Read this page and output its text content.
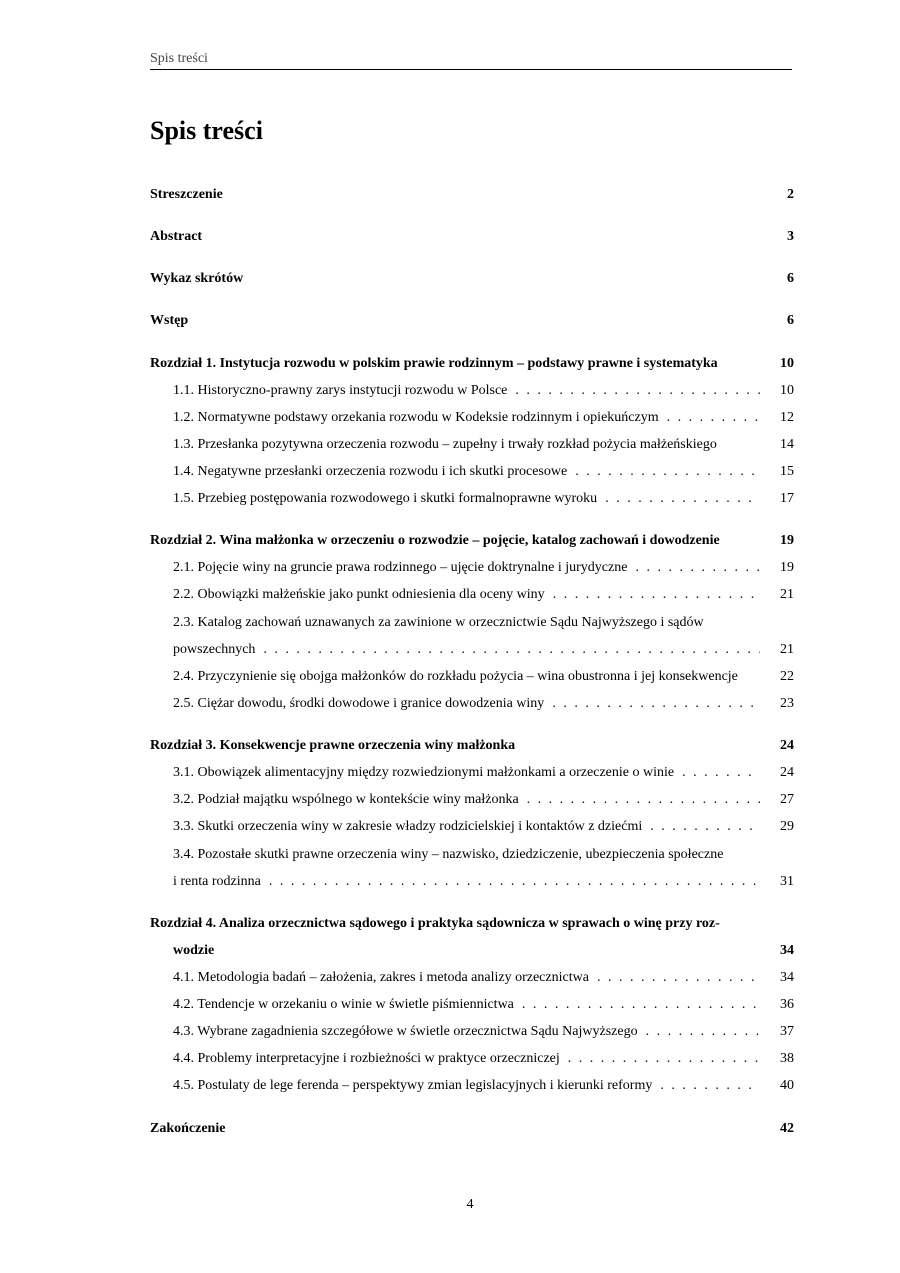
Spis treści
Spis treści
Streszczenie	2
Abstract	3
Wykaz skrótów	6
Wstęp	6
Rozdział 1. Instytucja rozwodu w polskim prawie rodzinnym – podstawy prawne i systematyka	10
1.1. Historyczno-prawny zarys instytucji rozwodu w Polsce . . .	10
1.2. Normatywne podstawy orzekania rozwodu w Kodeksie rodzinnym i opiekuńczym . . .	12
1.3. Przesłanka pozytywna orzeczenia rozwodu – zupełny i trwały rozkład pożycia małżeńskiego	14
1.4. Negatywne przesłanki orzeczenia rozwodu i ich skutki procesowe . . .	15
1.5. Przebieg postępowania rozwodowego i skutki formalnoprawne wyroku . . .	17
Rozdział 2. Wina małżonka w orzeczeniu o rozwodzie – pojęcie, katalog zachowań i dowodzenie	19
2.1. Pojęcie winy na gruncie prawa rodzinnego – ujęcie doktrynalne i jurydyczne . . .	19
2.2. Obowiązki małżeńskie jako punkt odniesienia dla oceny winy . . .	21
2.3. Katalog zachowań uznawanych za zawinione w orzecznictwie Sądu Najwyższego i sądów
powszechnych . . .	21
2.4. Przyczynienie się obojga małżonków do rozkładu pożycia – wina obustronna i jej konsekwencje	22
2.5. Ciężar dowodu, środki dowodowe i granice dowodzenia winy . . .	23
Rozdział 3. Konsekwencje prawne orzeczenia winy małżonka	24
3.1. Obowiązek alimentacyjny między rozwiedzionymi małżonkami a orzeczenie o winie . . .	24
3.2. Podział majątku wspólnego w kontekście winy małżonka . . .	27
3.3. Skutki orzeczenia winy w zakresie władzy rodzicielskiej i kontaktów z dziećmi . . .	29
3.4. Pozostałe skutki prawne orzeczenia winy – nazwisko, dziedziczenie, ubezpieczenia społeczne
i renta rodzinna . . .	31
Rozdział 4. Analiza orzecznictwa sądowego i praktyka sądownicza w sprawach o winę przy roz-
wodzie	34
4.1. Metodologia badań – założenia, zakres i metoda analizy orzecznictwa . . .	34
4.2. Tendencje w orzekaniu o winie w świetle piśmiennictwa . . .	36
4.3. Wybrane zagadnienia szczegółowe w świetle orzecznictwa Sądu Najwyższego . . .	37
4.4. Problemy interpretacyjne i rozbieżności w praktyce orzeczniczej . . .	38
4.5. Postulaty de lege ferenda – perspektywy zmian legislacyjnych i kierunki reformy . . .	40
Zakończenie	42
4
